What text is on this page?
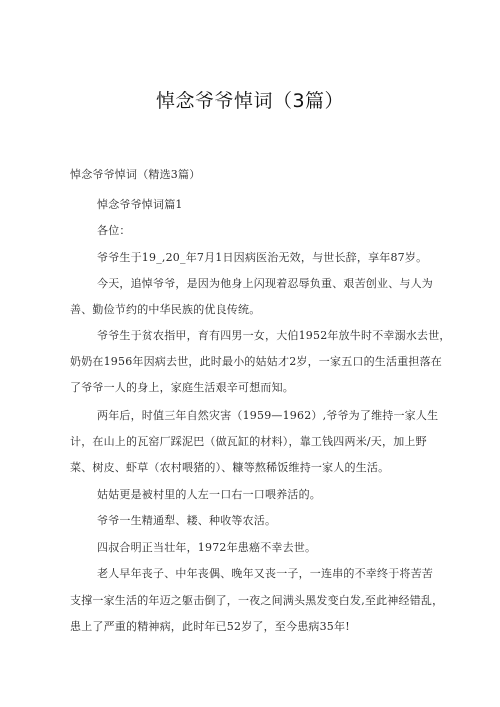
悼念爷爷悼词（3篇）
悼念爷爷悼词（精选3篇）
悼念爷爷悼词篇1
各位：
爷爷生于19_,20_年7月1日因病医治无效，与世长辞，享年87岁。
今天，追悼爷爷，是因为他身上闪现着忍辱负重、艰苦创业、与人为
善、勤俭节约的中华民族的优良传统。
爷爷生于贫农指甲，育有四男一女，大伯1952年放牛时不幸溺水去世，
奶奶在1956年因病去世，此时最小的姑姑才2岁，一家五口的生活重担落在
了爷爷一人的身上，家庭生活艰辛可想而知。
两年后，时值三年自然灾害（1959—1962）,爷爷为了维持一家人生
计，在山上的瓦窑厂踩泥巴（做瓦缸的材料），靠工钱四两米/天，加上野
菜、树皮、虾草（农村喂猪的）、糠等熬稀饭维持一家人的生活。
姑姑更是被村里的人左一口右一口喂养活的。
爷爷一生精通犁、耧、种收等农活。
四叔合明正当壮年，1972年患癌不幸去世。
老人早年丧子、中年丧偶、晚年又丧一子，一连串的不幸终于将苦苦
支撑一家生活的年迈之躯击倒了，一夜之间满头黑发变白发,至此神经错乱，
患上了严重的精神病，此时年已52岁了，至今患病35年!
